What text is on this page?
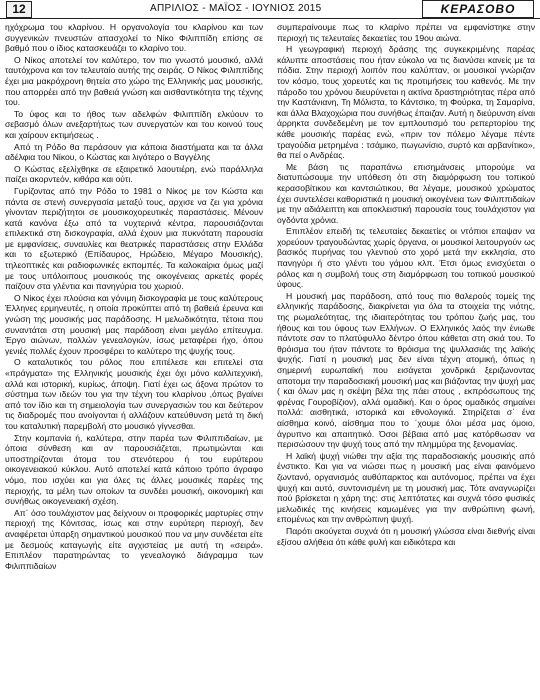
12	ΑΠΡΙΛΙΟΣ - ΜΑΪΟΣ - ΙΟΥΝΙΟΣ 2015	ΚΕΡΑΣΟΒΟ

ηχόχρωμα του κλαρίνου. Η οργανολογία του κλαρίνου και των συγγενικών πνευστών απασχολεί το Νίκο Φιλιππίδη επίσης σε βαθμό που ο ίδιος κατασκευάζει το κλαρίνο του.

Ο Νίκος αποτελεί τον καλύτερο, τον πιο γνωστό μουσικό, αλλά ταυτόχρονα και τον τελευταίο αυτής της σειράς. Ο Νίκος Φιλιππίδης έχει μια μακρόχρονη θητεία στο χώρο της Ελληνικής μας μουσικής, που απορρέει από την βαθειά γνώση και αισθαντικότητα της τέχνης του.

Το ύφος και το ήθος των αδελφών Φιλιππίδη ελκύουν το σεβασμό όλων ανεξαρτήτως των συνεργατών και του κοινού τους και χαίρουν εκτιμήσεως .

Από τη Ρόδο θα περάσουν για κάποια διαστήματα και τα άλλα αδέλφια του Νίκου, ο Κώστας και λιγότερο ο Βαγγέλης

Ο Κώστας εξελίχθηκε σε εξαιρετικό λαουτιέρη, ενώ παράλληλα παίζει ακορντεόν, κιθάρα και ούτι.

Γυρίζοντας από την Ρόδο το 1981 ο Νίκος με τον Κώστα και πάντα σε στενή συνεργασία μεταξύ τους, αρχισε να ζει για χρόνια γίνονταν περιζήτητοι σε μουσικοχορευτικές παραστάσεις. Μένουν κατά κανόνα έξω από τα νυχτερινά κέντρα, παρουσιάζονται επιλεκτικά στη δισκογραφία, αλλά έχουν μια πυκνότατη παρουσία με εμφανίσεις, συναυλίες και θεατρικές παραστάσεις στην Ελλάδα και το εξωτερικό (Επίδαυρος, Ηρώδειο, Μέγαρο Μουσικής), τηλεοπτικές και ραδιοφωνικές εκπομπές. Τα καλοκαίρια όμως μαζί με τους υπόλοιπους μουσικούς της οικογένειας αρκετές φορές παίζουν στα γλέντια και πανηγύρια του χωριού.

Ο Νίκος έχει πλούσια και γόνιμη δισκογραφία με τους καλύτερους Έλληνες ερμηνευτές, η οποία προκύπτει από τη βαθειά έρευνα και γνώση της μουσικής μας παράδοσης. Η μελωδικότητα, τέτοια που συναντάται στη μουσική μας παράδοση είναι μεγάλο επίτευγμα. Έργο αιώνων, πολλών γενεαλογιών, ίσως μεταφέρει ήχο, όπου γενιές πολλές έχουν προσφέρει το καλύτερο της ψυχής τους.

Ο καταλυτικός του ρόλος που επιτέλεσε και επιτελεί στα «πράγματα» της Ελληνικής μουσικής έχει όχι μόνο καλλιτεχνική, αλλά και ιστορική, κυρίως, άποψη. Γιατί έχει ως άξονα πρώτον το σύστημα των ιδεών του για την τέχνη του κλαρίνου ,όπως βγαίνει από τον ίδιο και τη σημειολογία των συνεργασιών του και δεύτερον τις διαδρομές που ανοίγονται ή αλλάζουν κατεύθυνση μετά τη δική του καταλυτική παρεμβολή στο μουσικό γίγνεσθαι.

Στην κομπανία ή, καλύτερα, στην παρέα των Φιλιππιδαίων, με όποια σύνθεση και αν παρουσιάζεται, πρωτιμώνται και υποστηρίζονται άτομα του στενότερου ή του ευρύτερου οικογενειακού κύκλου. Αυτό αποτελεί κατά κάποιο τρόπο άγραφο νόμο, που ισχύει και για όλες τις άλλες μουσικές παρέες της περιοχής, τα μέλη των οποίων τα συνδέει μουσική, οικονομική και συνήθως οικογενειακή σχέση.

Απ΄ όσο τουλάχιστον μας δείχνουν οι προφορικές μαρτυρίες στην περιοχή της Κόνιτσας, ίσως και στην ευρύτερη περιοχή, δεν αναφέρεται ύπαρξη σημαντικού μουσικού που να μην συνδέεται είτε με δεσμούς καταγωγής είτε αγχιστείας με αυτή τη «σειρά». Επιπλέον παρατηρώντας το γενεαλογικό διάγραμμα των Φιλιππιδαίων

συμπεραίνουμε πως το κλαρίνο πρέπει να εμφανίστηκε στην περιοχή τις τελευταίες δεκαετίες του 19ου αιώνα.

Η γεωγραφική περιοχή δράσης της συγκεκριμένης παρέας κάλυπτε αποστάσεις που ήταν εύκολο να τις διανύσει κανείς με τα πόδια. Στην περιοχή λοιπόν που καλύπταν, οι μουσικοί γνώριζαν τον κόσμο, τους χορευτές και τις προτιμήσεις του καθενός. Με την πάροδο του χρόνου διευρύνεται η ακτίνα δραστηριότητας πέρα από την Καστάνιανη, Τη Μόλιστα, το Κάντσικο, τη Φούρκα, τη Σαμαρίνα, και άλλα Βλαχοχώρια που συνήθως έπαιζαν. Αυτή η διεύρυνση είναι άρρηκτα συνδεδεμένη με τον εμπλουτισμό του ρεπερτορίου της κάθε μουσικής παρέας ενώ, «πριν τον πόλεμο λέγαμε πέντε τραγούδια μετρημένα : τσάμικο, πωγωνίσιο, συρτό και αρβανίτικο», θα πεί ο Ανδρέας.

Με βάση τις παραπάνω επισημάνσεις μπορούμε να διατυπώσουμε την υπόθεση ότι στη διαμόρφωση του τοπικού κερασοβίτικου και καντσιώτικου, θα λέγαμε, μουσικού χρώματος έχει συντελέσει καθοριστικά η μουσική οικογένεια των Φιλιππιδαίων με την αδιάλειπτη και αποκλειστική παρουσία τους τουλάχιστον για ογδόντα χρόνια.

Επιπλέον επειδή τις τελευταίες δεκαετίες οι ντόπιοι επαψαν να χορεύουν τραγουδώντας χωρίς όργανα, οι μουσικοί λειτουργούν ως βασικός πυρήνας του γλεντιού στο χορό μετά την εκκλησία, στο πανηγύρι ή στο γλέντι του γάμου κλπ. Έτσι όμως ενισχύεται ο ρόλος και η συμβολή τους στη διαμόρφωση του τοπικού μουσικού ύφους.

Η μουσική μας παράδοση, από τους πιο θαλερούς τομείς της ελληνικής παράδοσης, διακρίνεται για όλα τα στοιχεία της νιότης, της ρωμαλεότητας, της ιδιαιτερότητας του τρόπου ζωής μας, του ήθους και του ύφους των Ελλήνων. Ο Ελληνικός λαός την ένιωθε πάντοτε σαν το πλατύφυλλο δέντρο όπου κάθεται στη σκιά του. Το θρόισμα του ήταν πάντοτε το θρόισμα της ψυλλασιάς της λαϊκής ψυχής. Γιατί η μουσική μας δεν είναι τέχνη ατομική, όπως η σημερινή ευρωπαϊκή που εισάγεται χονδρικά ξεριζωνοντας αποτομα την παραδοσιακή μουσική μας και βιάζοντας την ψυχή μας ( και όλων μας η σκέψη βέλα της πάει στους , εκπρόσωπους της φρένας Γουροβίζιον), αλλά ομαδική. Και ο όρος ομαδικός σημαίνει πολλά: αισθητικά, ιστορικά και εθνολογικά. Στηρίζεται σ΄ ένα αίσθημα κοινό, αίσθημα που το ΄χουμε όλοι μέσα μας όμοιο, άγρυπνο και απαιτητικό. Όσοι βέβαια από μας κατόρθωσαν να περισώσουν την ψυχή τους από την πλημμύρα της ξενομανίας.

Η λαϊκή ψυχή νιώθει την αξία της παραδοσιακής μουσικής από ένστικτο. Και για να νιώσει πως η μουσική μας είναι φαινόμενο ζωντανό, οργανισμός αυθύπαρκτος και αυτόνομος, πρέπει να έχει ψυχή και αυτό, συντονισμένη με τη μουσική μας. Τότε αναγνωρίζει πού βρίσκεται η χάρη της: στις λεπτότατες και συχνά τόσο φυσικές μελωδικές της κινήσεις καμωμένες για την ανθρώπινη φωνή, επομένως και την ανθρώπινη ψυχή.

Παρότι ακούγεται συχνά ότι η μουσική γλώσσα είναι διεθνής είναι εξίσου αλήθεια ότι κάθε φυλή και ειδικότερα και
